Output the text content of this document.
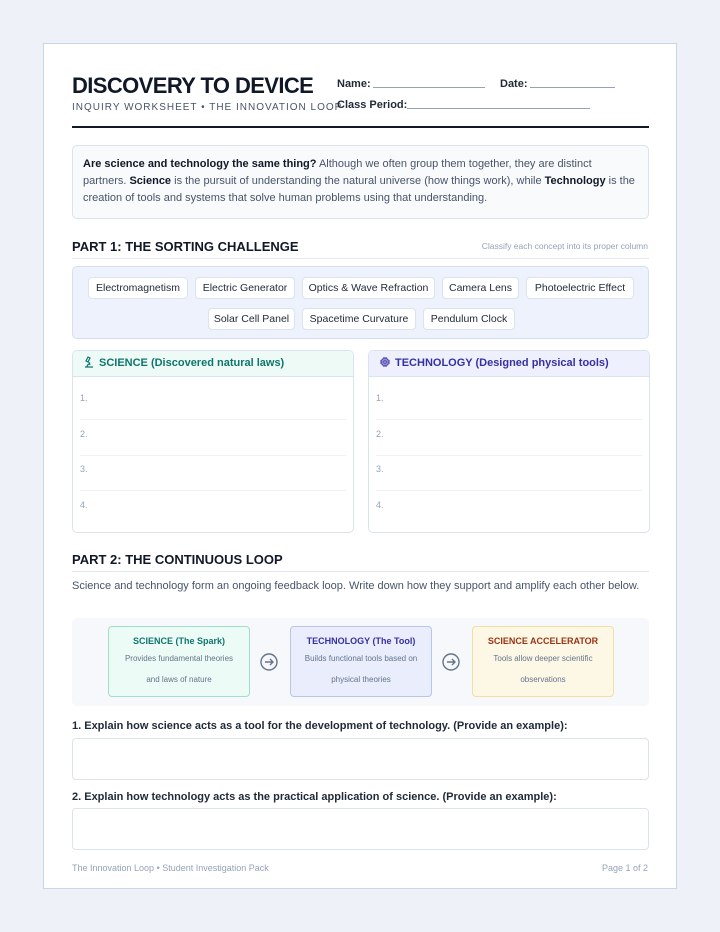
DISCOVERY TO DEVICE
INQUIRY WORKSHEET • THE INNOVATION LOOP
Name:	Date:
Class Period:
Are science and technology the same thing? Although we often group them together, they are distinct partners. Science is the pursuit of understanding the natural universe (how things work), while Technology is the creation of tools and systems that solve human problems using that understanding.
PART 1: THE SORTING CHALLENGE	Classify each concept into its proper column
Electromagnetism	Electric Generator	Optics & Wave Refraction	Camera Lens	Photoelectric Effect
Solar Cell Panel	Spacetime Curvature	Pendulum Clock
SCIENCE (Discovered natural laws)
1.
2.
3.
4.
TECHNOLOGY (Designed physical tools)
1.
2.
3.
4.
PART 2: THE CONTINUOUS LOOP
Science and technology form an ongoing feedback loop. Write down how they support and amplify each other below.
SCIENCE (The Spark)
Provides fundamental theories
and laws of nature
TECHNOLOGY (The Tool)
Builds functional tools based on
physical theories
SCIENCE ACCELERATOR
Tools allow deeper scientific
observations
1. Explain how science acts as a tool for the development of technology. (Provide an example):
2. Explain how technology acts as the practical application of science. (Provide an example):
The Innovation Loop • Student Investigation Pack	Page 1 of 2
